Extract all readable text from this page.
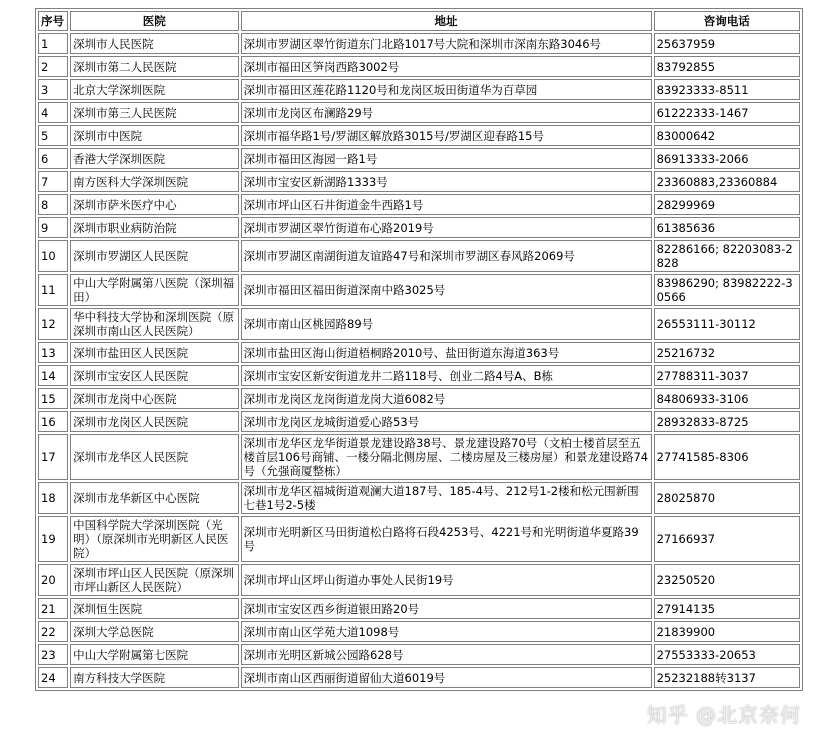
序号	医院	地址	咨询电话
1	深圳市人民医院	深圳市罗湖区翠竹街道东门北路1017号大院和深圳市深南东路3046号	25637959
2	深圳市第二人民医院	深圳市福田区笋岗西路3002号	83792855
3	北京大学深圳医院	深圳市福田区莲花路1120号和龙岗区坂田街道华为百草园	83923333-8511
4	深圳市第三人民医院	深圳市龙岗区布澜路29号	61222333-1467
5	深圳市中医院	深圳市福华路1号/罗湖区解放路3015号/罗湖区迎春路15号	83000642
6	香港大学深圳医院	深圳市福田区海园一路1号	86913333-2066
7	南方医科大学深圳医院	深圳市宝安区新湖路1333号	23360883,23360884
8	深圳市萨米医疗中心	深圳市坪山区石井街道金牛西路1号	28299969
9	深圳市职业病防治院	深圳市罗湖区翠竹街道布心路2019号	61385636
10	深圳市罗湖区人民医院	深圳市罗湖区南湖街道友谊路47号和深圳市罗湖区春风路2069号	82286166; 82203083-2828
11	中山大学附属第八医院（深圳福田）	深圳市福田区福田街道深南中路3025号	83986290; 83982222-30566
12	华中科技大学协和深圳医院（原深圳市南山区人民医院）	深圳市南山区桃园路89号	26553111-30112
13	深圳市盐田区人民医院	深圳市盐田区海山街道梧桐路2010号、盐田街道东海道363号	25216732
14	深圳市宝安区人民医院	深圳市宝安区新安街道龙井二路118号、创业二路4号A、B栋	27788311-3037
15	深圳市龙岗中心医院	深圳市龙岗区龙岗街道龙岗大道6082号	84806933-3106
16	深圳市龙岗区人民医院	深圳市龙岗区龙城街道爱心路53号	28932833-8725
17	深圳市龙华区人民医院	深圳市龙华区龙华街道景龙建设路38号、景龙建设路70号（文柏士楼首层至五楼首层106号商铺、一楼分隔北侧房屋、二楼房屋及三楼房屋）和景龙建设路74号（允强商厦整栋）	27741585-8306
18	深圳市龙华新区中心医院	深圳市龙华区福城街道观澜大道187号、185-4号、212号1-2楼和松元围新围七巷1号2-5楼	28025870
19	中国科学院大学深圳医院（光明）（原深圳市光明新区人民医院）	深圳市光明新区马田街道松白路将石段4253号、4221号和光明街道华夏路39号	27166937
20	深圳市坪山区人民医院（原深圳市坪山新区人民医院）	深圳市坪山区坪山街道办事处人民街19号	23250520
21	深圳恒生医院	深圳市宝安区西乡街道银田路20号	27914135
22	深圳大学总医院	深圳市南山区学苑大道1098号	21839900
23	中山大学附属第七医院	深圳市光明区新城公园路628号	27553333-20653
24	南方科技大学医院	深圳市南山区西丽街道留仙大道6019号	25232188转3137
知乎 @北京奈何
